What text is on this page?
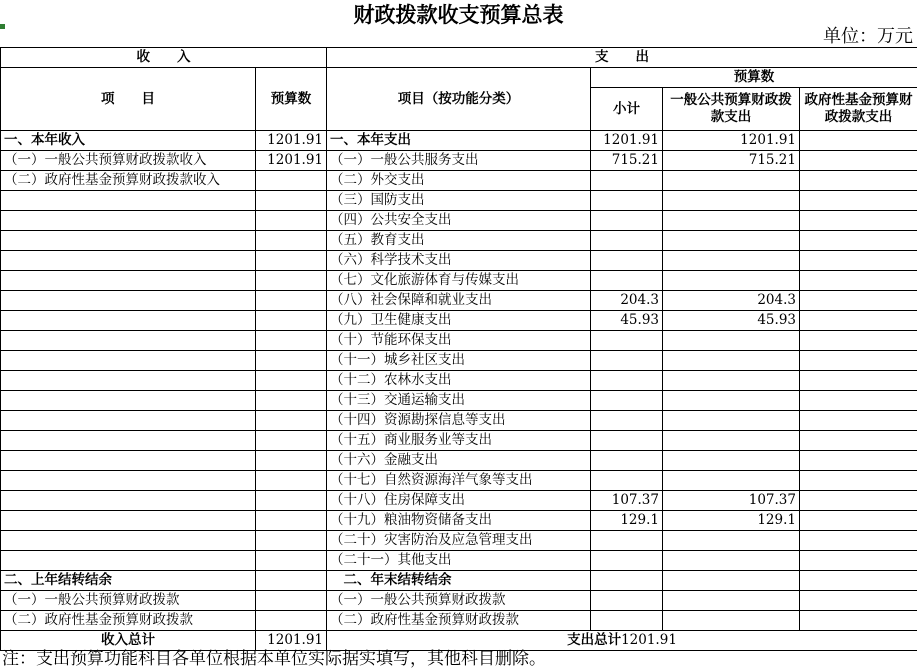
财政拨款收支预算总表
单位：万元
收　　入		支　　出			
项　　目	预算数	项目（按功能分类）	预算数		
			小计	一般公共预算财政拨款支出	政府性基金预算财政拨款支出
一、本年收入	1201.91	一、本年支出	1201.91	1201.91	
（一）一般公共预算财政拨款收入	1201.91	（一）一般公共服务支出	715.21	715.21	
（二）政府性基金预算财政拨款收入		（二）外交支出			
		（三）国防支出			
		（四）公共安全支出			
		（五）教育支出			
		（六）科学技术支出			
		（七）文化旅游体育与传媒支出			
		（八）社会保障和就业支出	204.3	204.3	
		（九）卫生健康支出	45.93	45.93	
		（十）节能环保支出			
		（十一）城乡社区支出			
		（十二）农林水支出			
		（十三）交通运输支出			
		（十四）资源勘探信息等支出			
		（十五）商业服务业等支出			
		（十六）金融支出			
		（十七）自然资源海洋气象等支出			
		（十八）住房保障支出	107.37	107.37	
		（十九）粮油物资储备支出	129.1	129.1	
		（二十）灾害防治及应急管理支出			
		（二十一）其他支出			
二、上年结转结余		　二、年末结转结余			
（一）一般公共预算财政拨款		（一）一般公共预算财政拨款			
（二）政府性基金预算财政拨款		（二）政府性基金预算财政拨款			
收入总计	1201.91	支出总计1201.91			
注：支出预算功能科目各单位根据本单位实际据实填写，其他科目删除。
